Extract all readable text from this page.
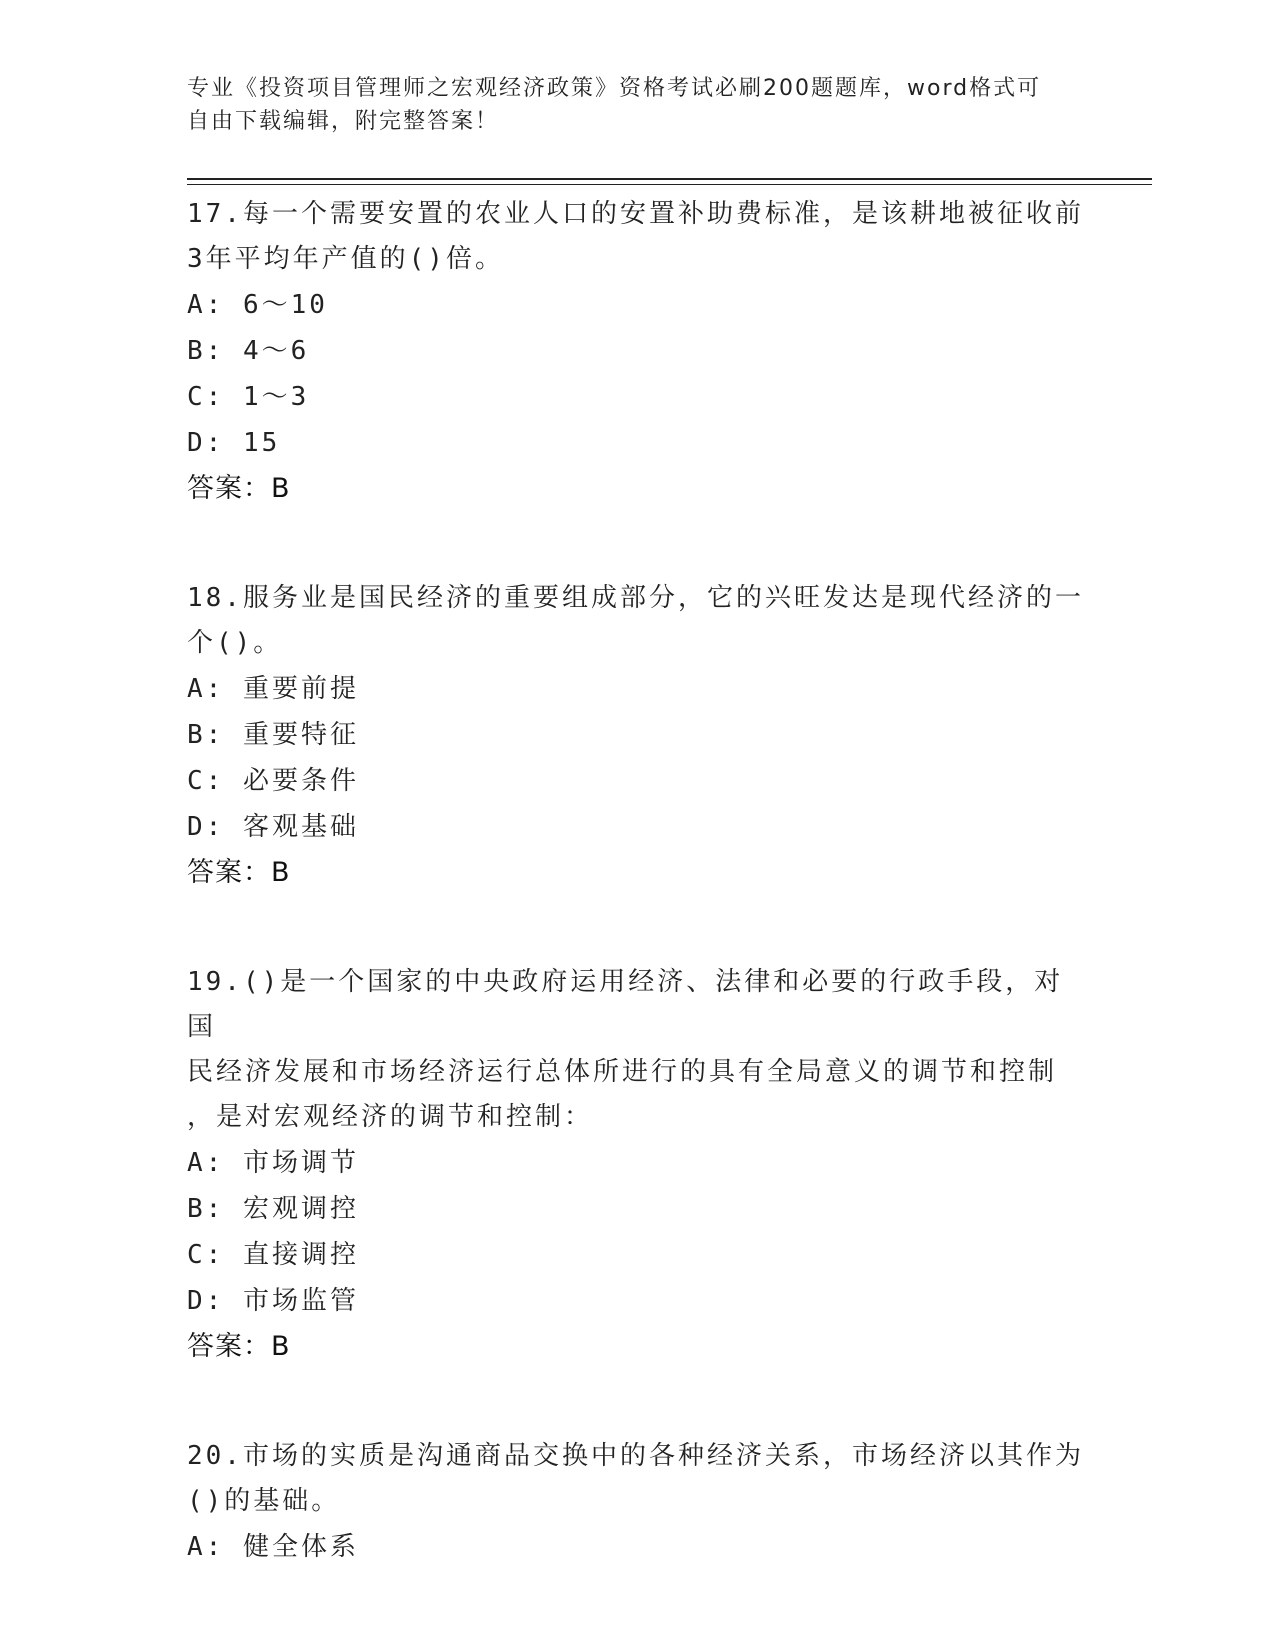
专业《投资项目管理师之宏观经济政策》资格考试必刷200题题库，word格式可
自由下载编辑，附完整答案！
17.每一个需要安置的农业人口的安置补助费标准，是该耕地被征收前
3年平均年产值的()倍。
A: 6～10
B: 4～6
C: 1～3
D: 15
答案：B
18.服务业是国民经济的重要组成部分，它的兴旺发达是现代经济的一
个()。
A: 重要前提
B: 重要特征
C: 必要条件
D: 客观基础
答案：B
19.()是一个国家的中央政府运用经济、法律和必要的行政手段，对国
民经济发展和市场经济运行总体所进行的具有全局意义的调节和控制
，是对宏观经济的调节和控制：
A: 市场调节
B: 宏观调控
C: 直接调控
D: 市场监管
答案：B
20.市场的实质是沟通商品交换中的各种经济关系，市场经济以其作为
()的基础。
A: 健全体系
